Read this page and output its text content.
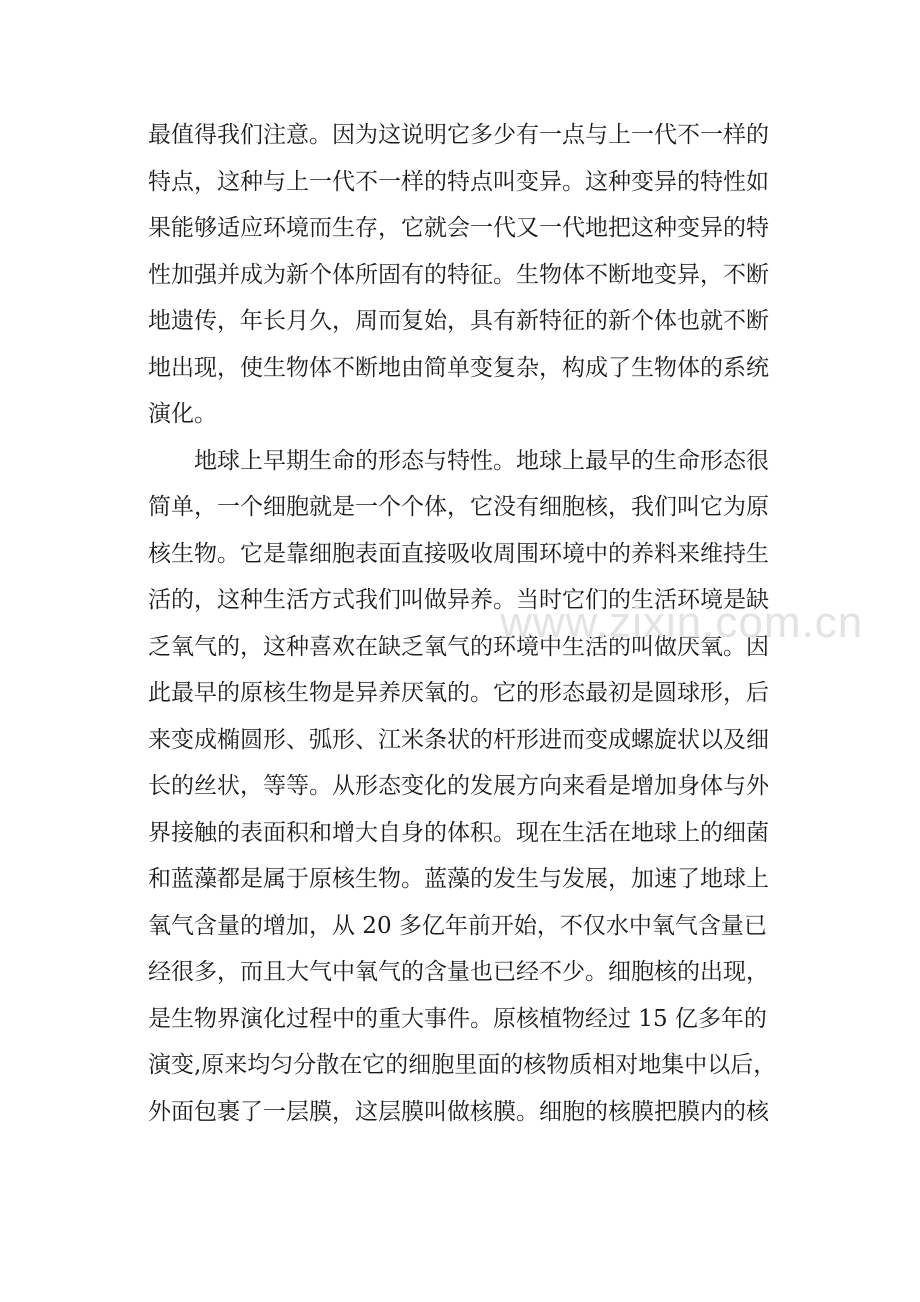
最值得我们注意。因为这说明它多少有一点与上一代不一样的
特点，这种与上一代不一样的特点叫变异。这种变异的特性如
果能够适应环境而生存，它就会一代又一代地把这种变异的特
性加强并成为新个体所固有的特征。生物体不断地变异，不断
地遗传，年长月久，周而复始，具有新特征的新个体也就不断
地出现，使生物体不断地由简单变复杂，构成了生物体的系统
演化。
　　地球上早期生命的形态与特性。地球上最早的生命形态很
简单，一个细胞就是一个个体，它没有细胞核，我们叫它为原
核生物。它是靠细胞表面直接吸收周围环境中的养料来维持生
活的，这种生活方式我们叫做异养。当时它们的生活环境是缺
乏氧气的，这种喜欢在缺乏氧气的环境中生活的叫做厌氧。因
此最早的原核生物是异养厌氧的。它的形态最初是圆球形，后
来变成椭圆形、弧形、江米条状的杆形进而变成螺旋状以及细
长的丝状，等等。从形态变化的发展方向来看是增加身体与外
界接触的表面积和增大自身的体积。现在生活在地球上的细菌
和蓝藻都是属于原核生物。蓝藻的发生与发展，加速了地球上
氧气含量的增加，从 20 多亿年前开始，不仅水中氧气含量已
经很多，而且大气中氧气的含量也已经不少。细胞核的出现，
是生物界演化过程中的重大事件。原核植物经过 15 亿多年的
演变,原来均匀分散在它的细胞里面的核物质相对地集中以后，
外面包裹了一层膜，这层膜叫做核膜。细胞的核膜把膜内的核
www.zixin.com.cn
